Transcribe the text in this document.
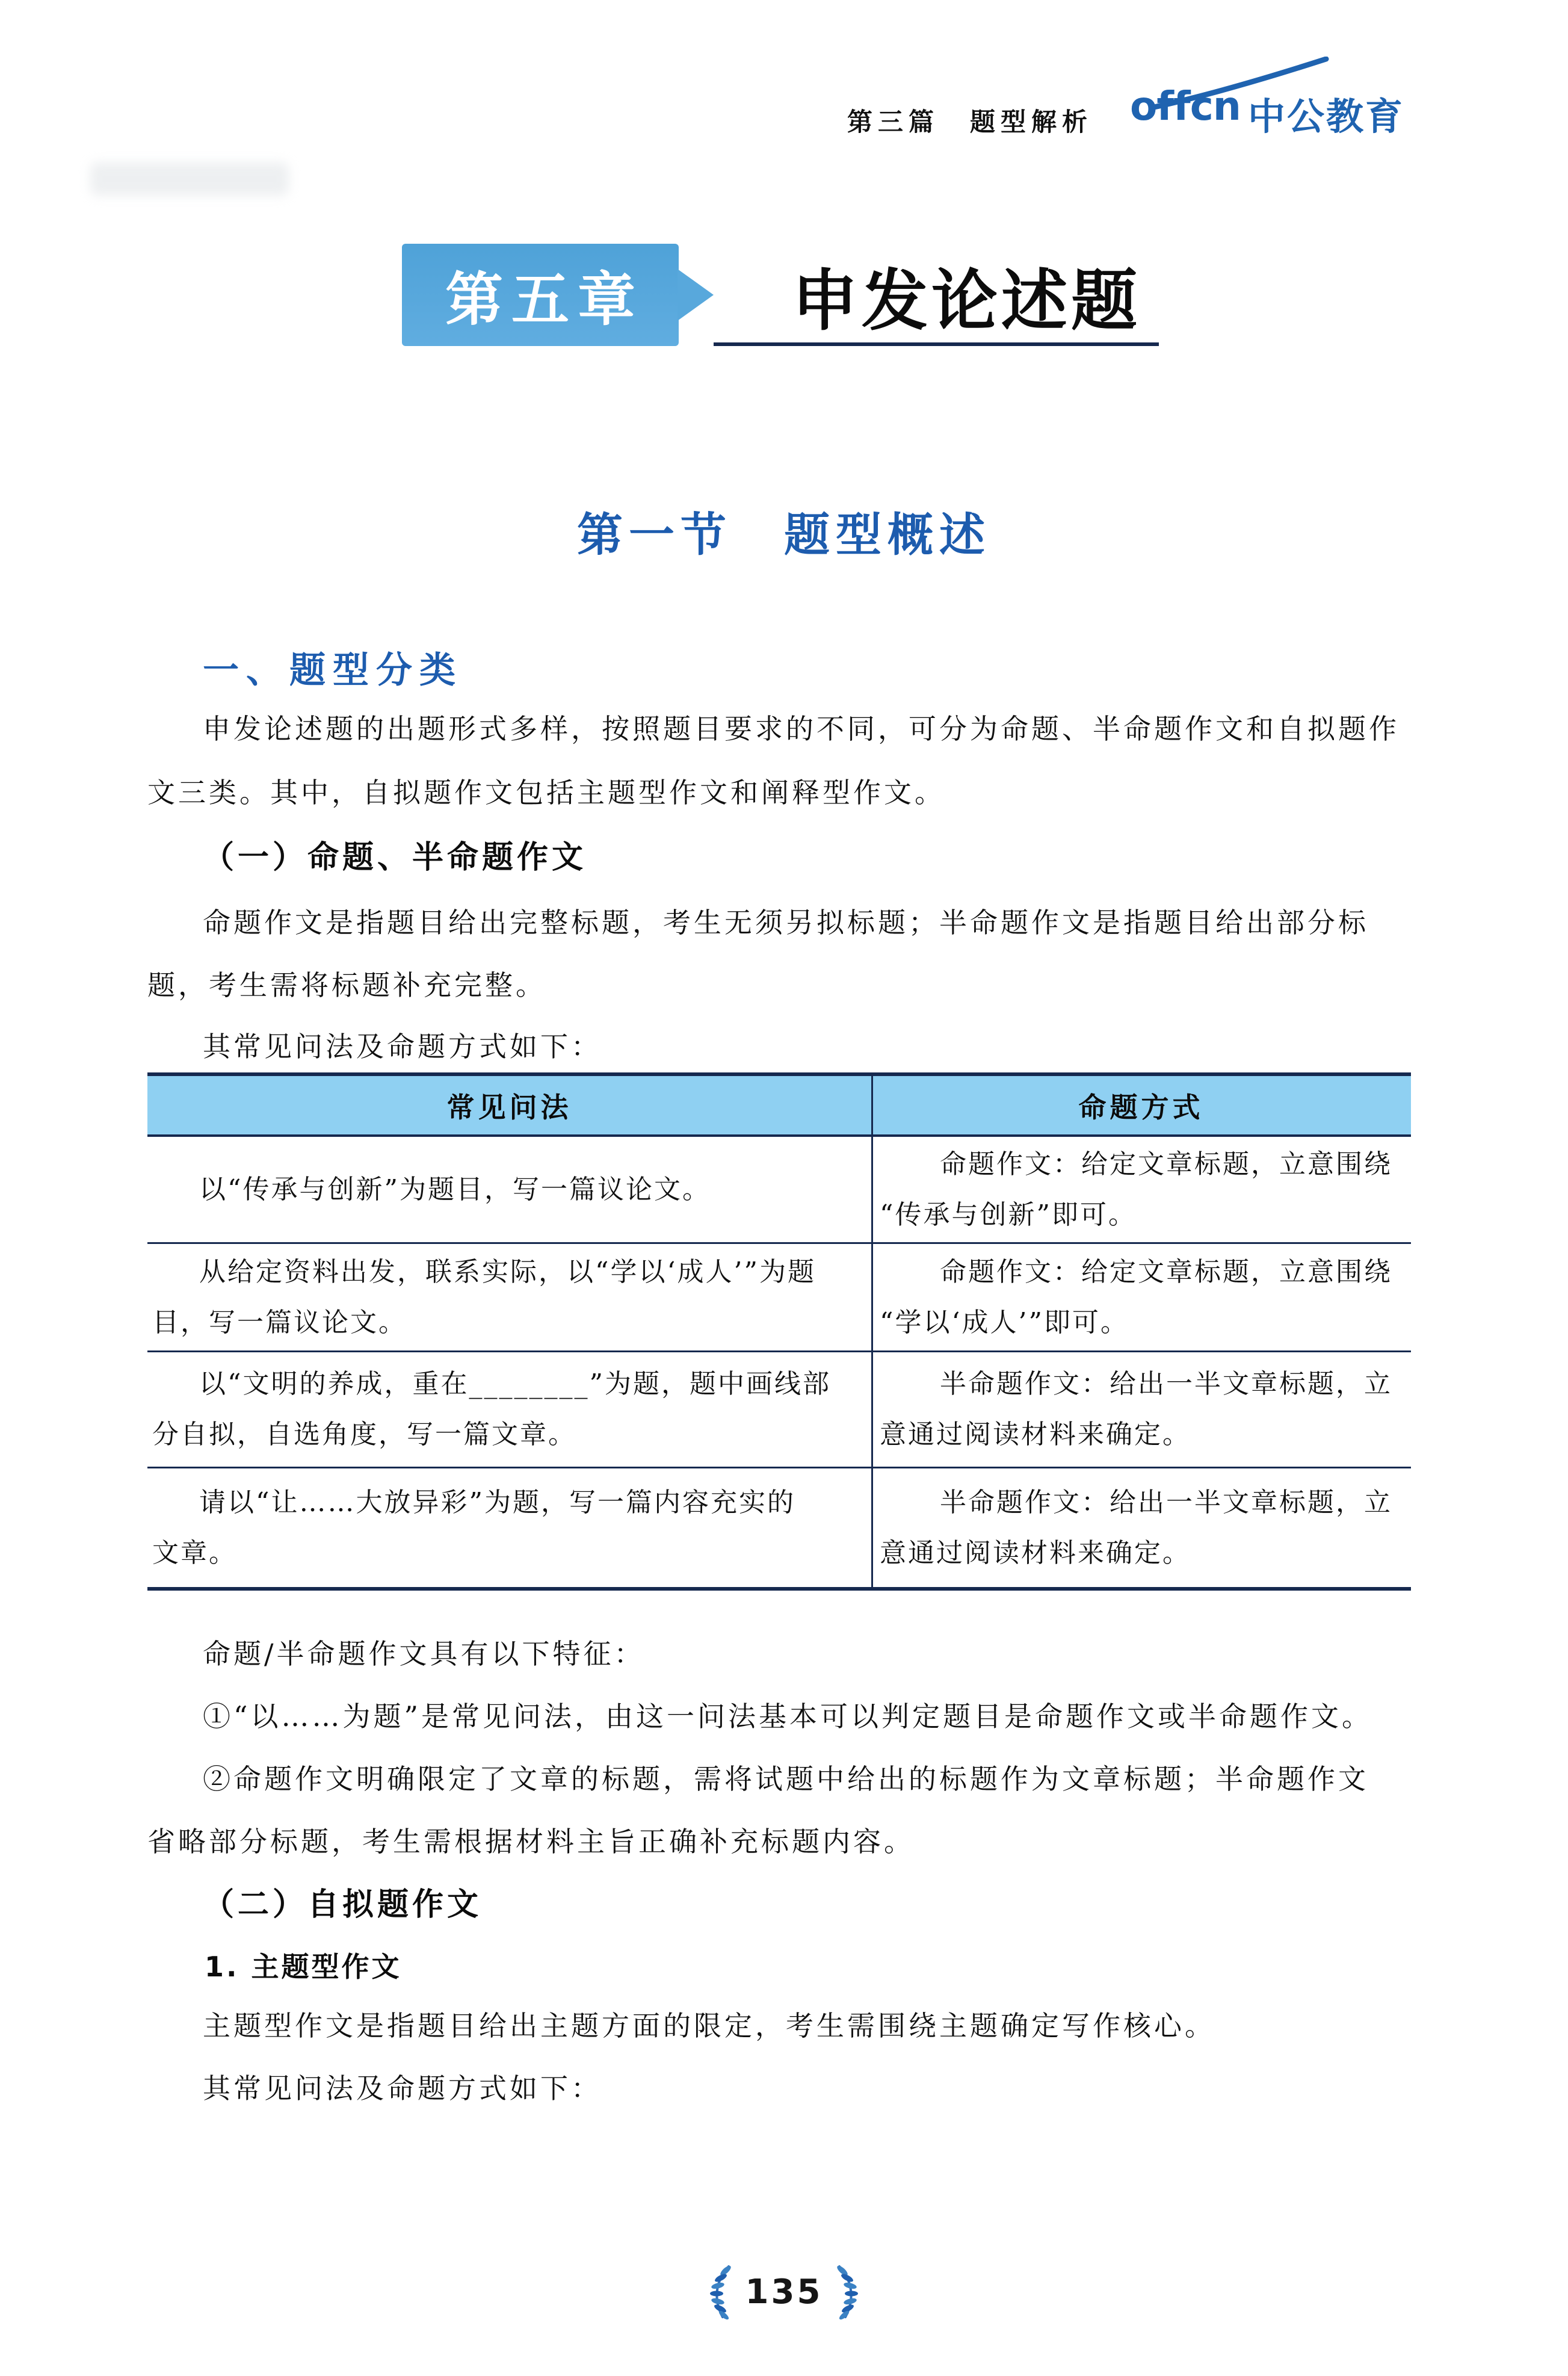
第三篇　题型解析 offcn 中公教育
第五章 申发论述题
第一节　题型概述
一、题型分类
申发论述题的出题形式多样，按照题目要求的不同，可分为命题、半命题作文和自拟题作
文三类。其中，自拟题作文包括主题型作文和阐释型作文。
（一）命题、半命题作文
命题作文是指题目给出完整标题，考生无须另拟标题；半命题作文是指题目给出部分标
题，考生需将标题补充完整。
其常见问法及命题方式如下：
常见问法	命题方式
以“传承与创新”为题目，写一篇议论文。
命题作文：给定文章标题，立意围绕
“传承与创新”即可。
从给定资料出发，联系实际，以“学以‘成人’”为题
目，写一篇议论文。
命题作文：给定文章标题，立意围绕
“学以‘成人’”即可。
以“文明的养成，重在________”为题，题中画线部
分自拟，自选角度，写一篇文章。
半命题作文：给出一半文章标题，立
意通过阅读材料来确定。
请以“让……大放异彩”为题，写一篇内容充实的
文章。
半命题作文：给出一半文章标题，立
意通过阅读材料来确定。
命题/半命题作文具有以下特征：
①“以……为题”是常见问法，由这一问法基本可以判定题目是命题作文或半命题作文。
②命题作文明确限定了文章的标题，需将试题中给出的标题作为文章标题；半命题作文
省略部分标题，考生需根据材料主旨正确补充标题内容。
（二）自拟题作文
1. 主题型作文
主题型作文是指题目给出主题方面的限定，考生需围绕主题确定写作核心。
其常见问法及命题方式如下：
135
